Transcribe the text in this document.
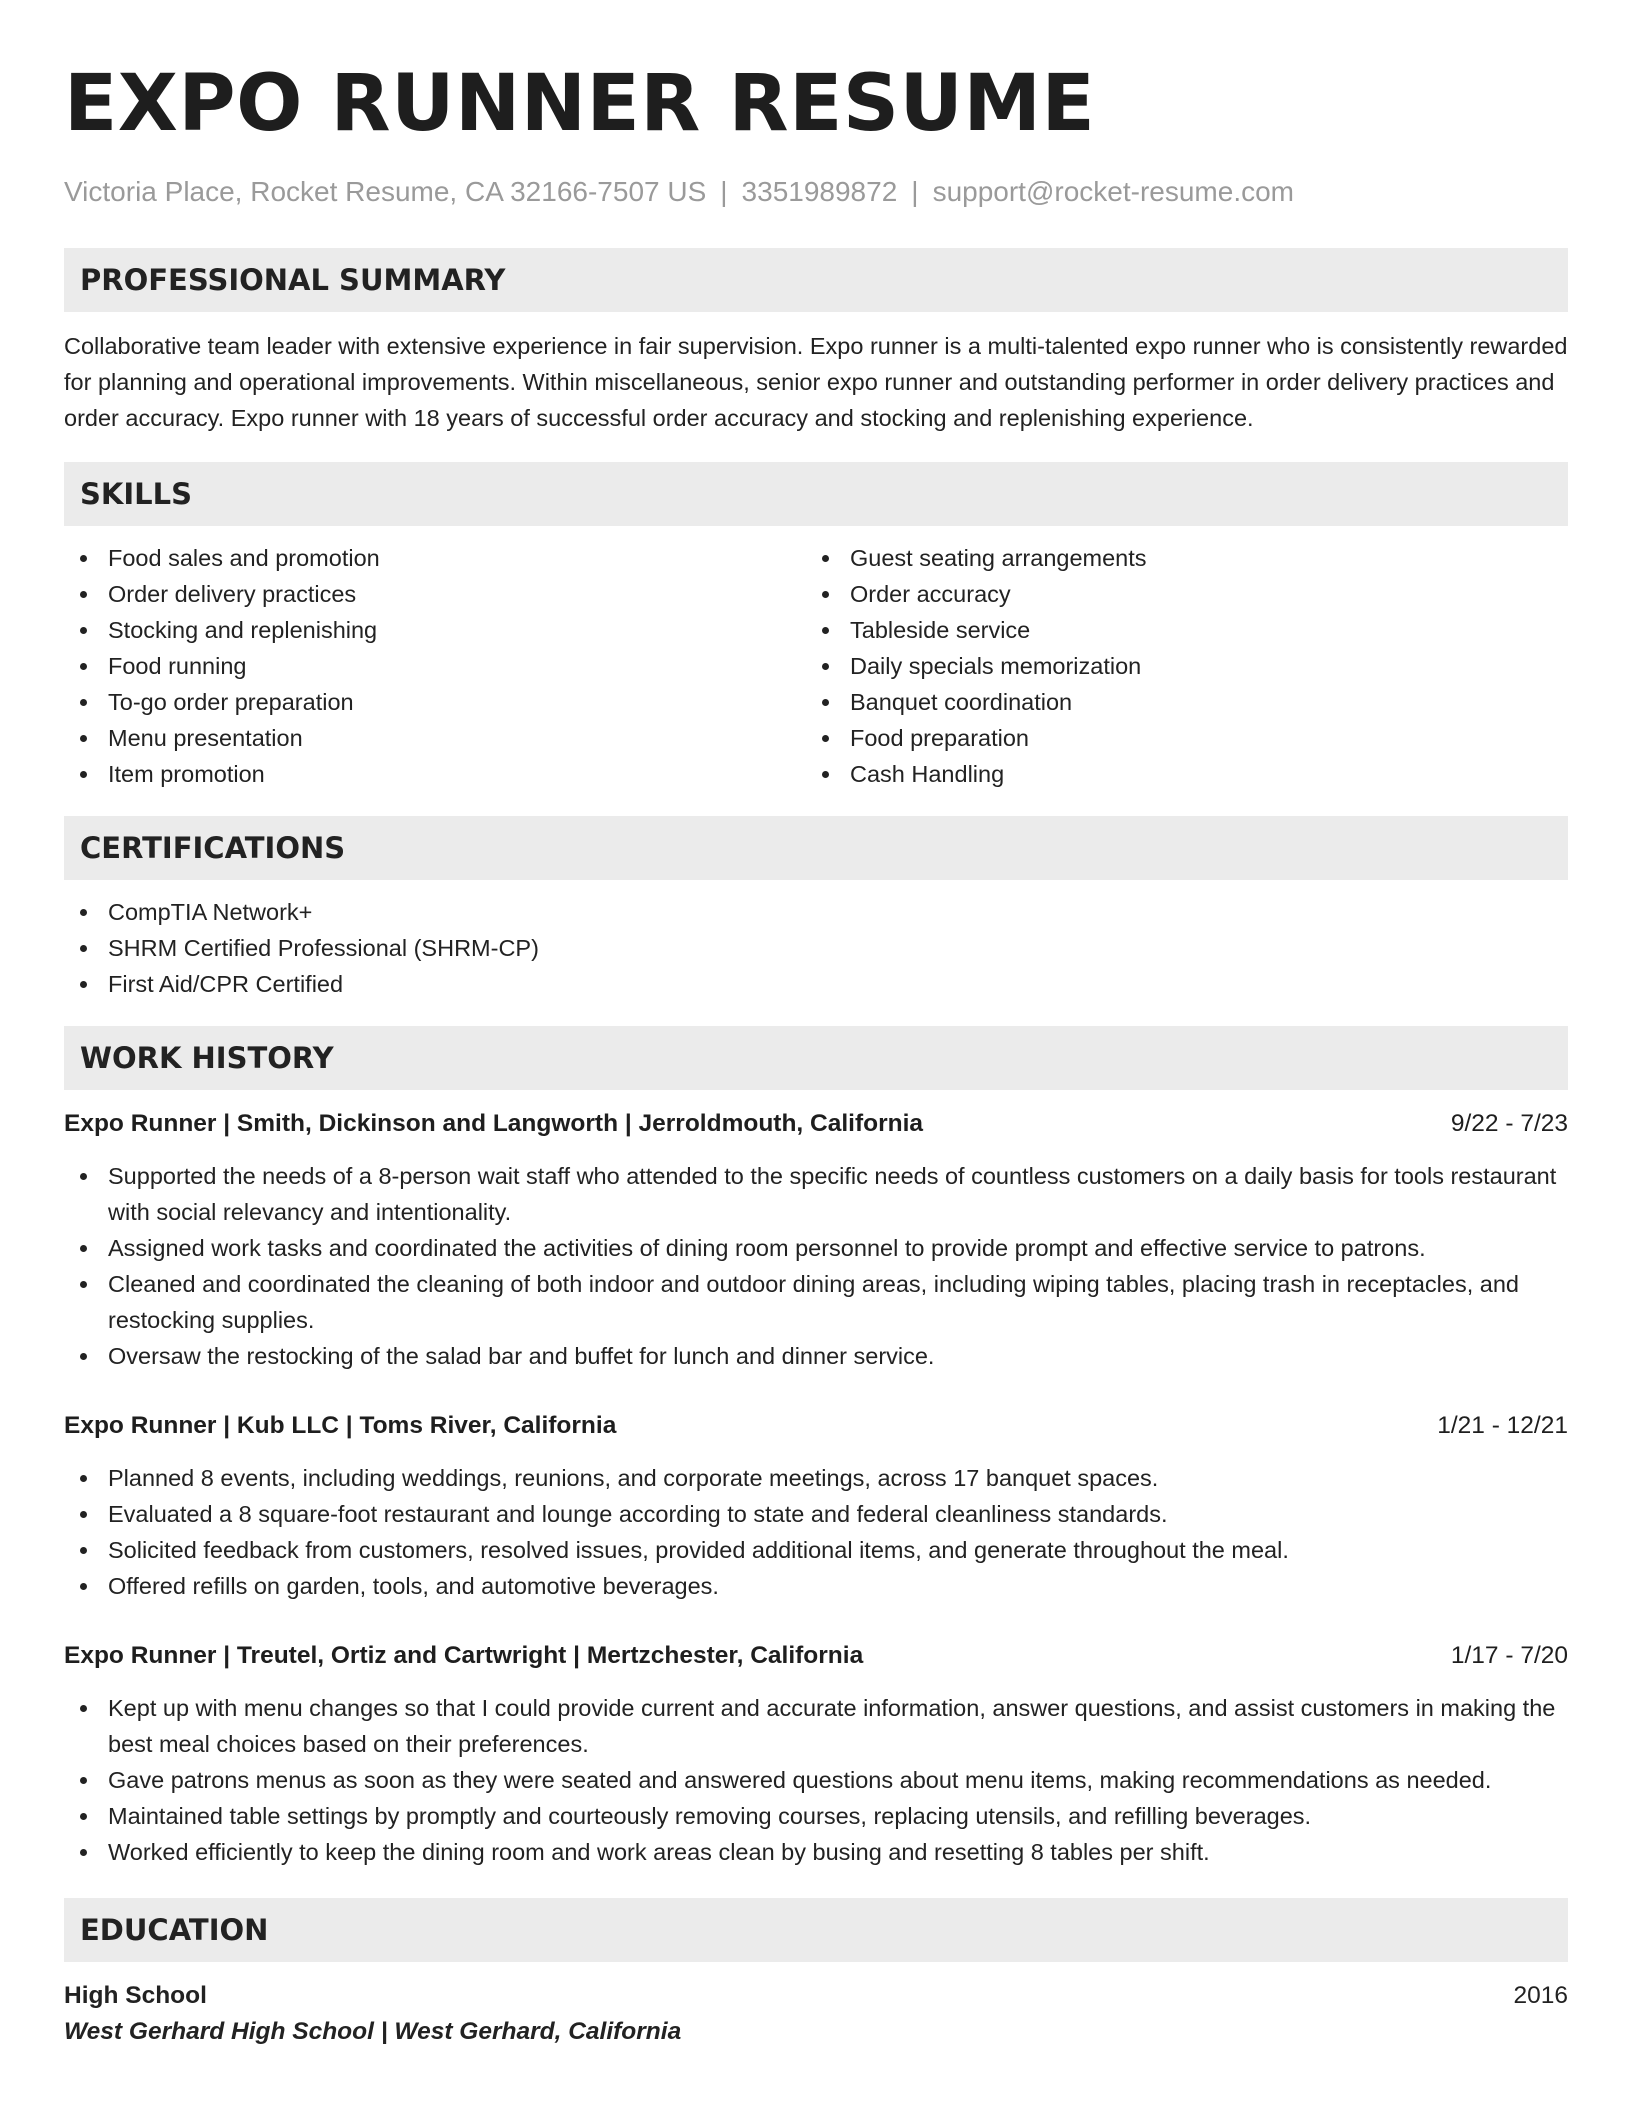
EXPO RUNNER RESUME
Victoria Place, Rocket Resume, CA 32166-7507 US | 3351989872 | support@rocket-resume.com
PROFESSIONAL SUMMARY

Collaborative team leader with extensive experience in fair supervision. Expo runner is a multi-talented expo runner who is consistently rewarded for planning and operational improvements. Within miscellaneous, senior expo runner and outstanding performer in order delivery practices and order accuracy. Expo runner with 18 years of successful order accuracy and stocking and replenishing experience.

SKILLS
Food sales and promotion
Order delivery practices
Stocking and replenishing
Food running
To-go order preparation
Menu presentation
Item promotion
Guest seating arrangements
Order accuracy
Tableside service
Daily specials memorization
Banquet coordination
Food preparation
Cash Handling
CERTIFICATIONS
CompTIA Network+
SHRM Certified Professional (SHRM-CP)
First Aid/CPR Certified
WORK HISTORY
Expo Runner | Smith, Dickinson and Langworth | Jerroldmouth, California	9/22 - 7/23
Supported the needs of a 8-person wait staff who attended to the specific needs of countless customers on a daily basis for tools restaurant with social relevancy and intentionality.
Assigned work tasks and coordinated the activities of dining room personnel to provide prompt and effective service to patrons.
Cleaned and coordinated the cleaning of both indoor and outdoor dining areas, including wiping tables, placing trash in receptacles, and restocking supplies.
Oversaw the restocking of the salad bar and buffet for lunch and dinner service.
Expo Runner | Kub LLC | Toms River, California	1/21 - 12/21
Planned 8 events, including weddings, reunions, and corporate meetings, across 17 banquet spaces.
Evaluated a 8 square-foot restaurant and lounge according to state and federal cleanliness standards.
Solicited feedback from customers, resolved issues, provided additional items, and generate throughout the meal.
Offered refills on garden, tools, and automotive beverages.
Expo Runner | Treutel, Ortiz and Cartwright | Mertzchester, California	1/17 - 7/20
Kept up with menu changes so that I could provide current and accurate information, answer questions, and assist customers in making the best meal choices based on their preferences.
Gave patrons menus as soon as they were seated and answered questions about menu items, making recommendations as needed.
Maintained table settings by promptly and courteously removing courses, replacing utensils, and refilling beverages.
Worked efficiently to keep the dining room and work areas clean by busing and resetting 8 tables per shift.
EDUCATION
High School	2016
West Gerhard High School | West Gerhard, California
